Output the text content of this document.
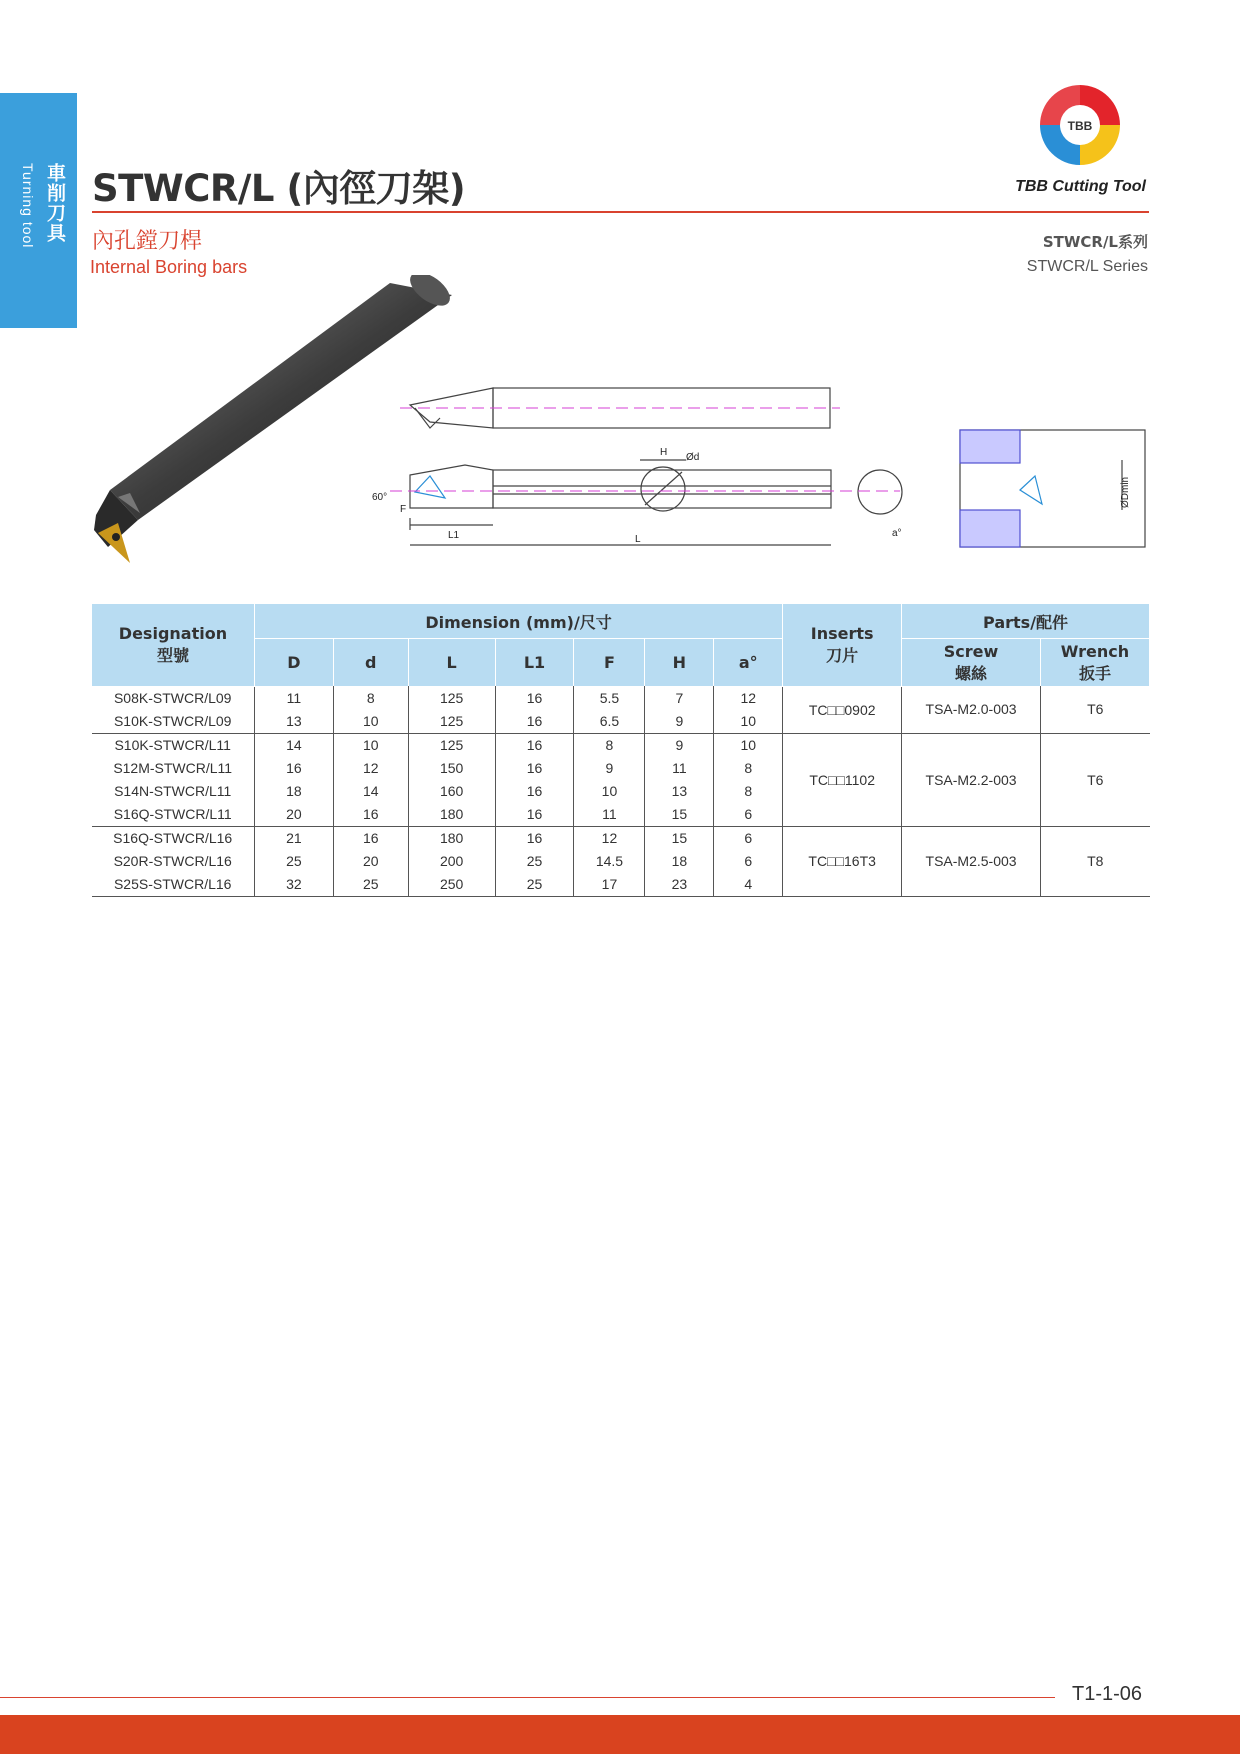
車削刀具
Turning tool STWCR/L (內徑刀架)
TBB
TBB Cutting Tool
內孔鏜刀桿
Internal Boring bars
STWCR/L系列
STWCR/L Series
60°
F
L1	L
H Ød
a°
ØDmin
Designation
型號	Dimension (mm)/尺寸							Inserts
刀片	Parts/配件	
	D	d	L	L1	F	H	a°		Screw
螺絲	Wrench
扳手
S08K-STWCR/L09	11	8	125	16	5.5	7	12	TC□□0902	TSA-M2.0-003	T6
S10K-STWCR/L09	13	10	125	16	6.5	9	10			
S10K-STWCR/L11	14	10	125	16	8	9	10	TC□□1102	TSA-M2.2-003	T6
S12M-STWCR/L11	16	12	150	16	9	11	8			
S14N-STWCR/L11	18	14	160	16	10	13	8			
S16Q-STWCR/L11	20	16	180	16	11	15	6			
S16Q-STWCR/L16	21	16	180	16	12	15	6	TC□□16T3	TSA-M2.5-003	T8
S20R-STWCR/L16	25	20	200	25	14.5	18	6			
S25S-STWCR/L16	32	25	250	25	17	23	4			
T1-1-06
